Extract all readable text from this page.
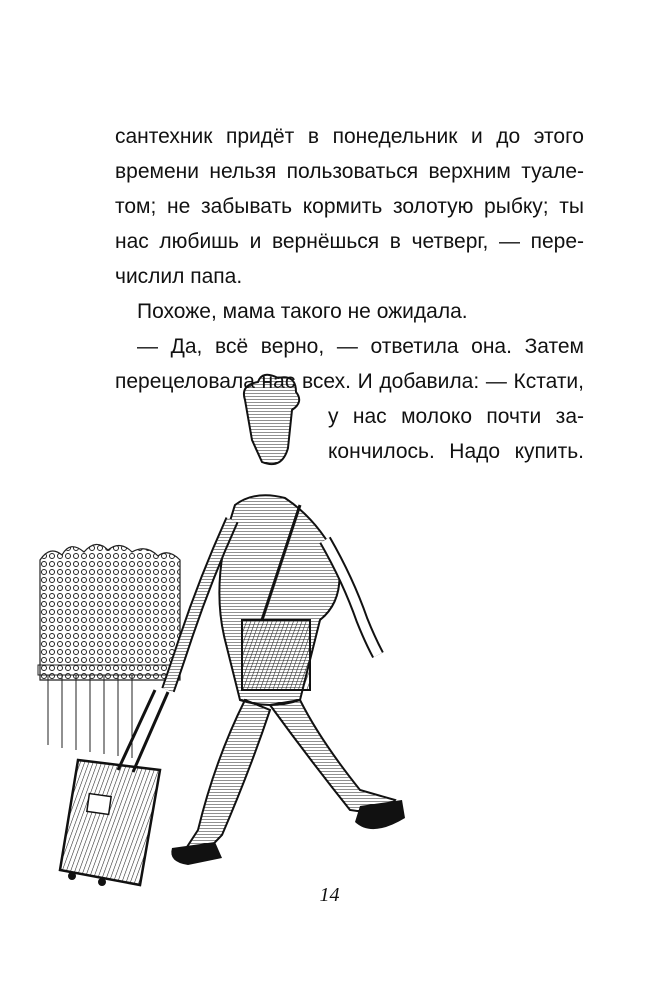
сантехник придёт в понедельник и до этого
времени нельзя пользоваться верхним туале-
том; не забывать кормить золотую рыбку; ты
нас любишь и вернёшься в четверг, — пере-
числил папа.
Похоже, мама такого не ожидала.
— Да, всё верно, — ответила она. Затем
перецеловала нас всех. И добавила: — Кстати,
у нас молоко почти за-
кончилось. Надо купить.
14
